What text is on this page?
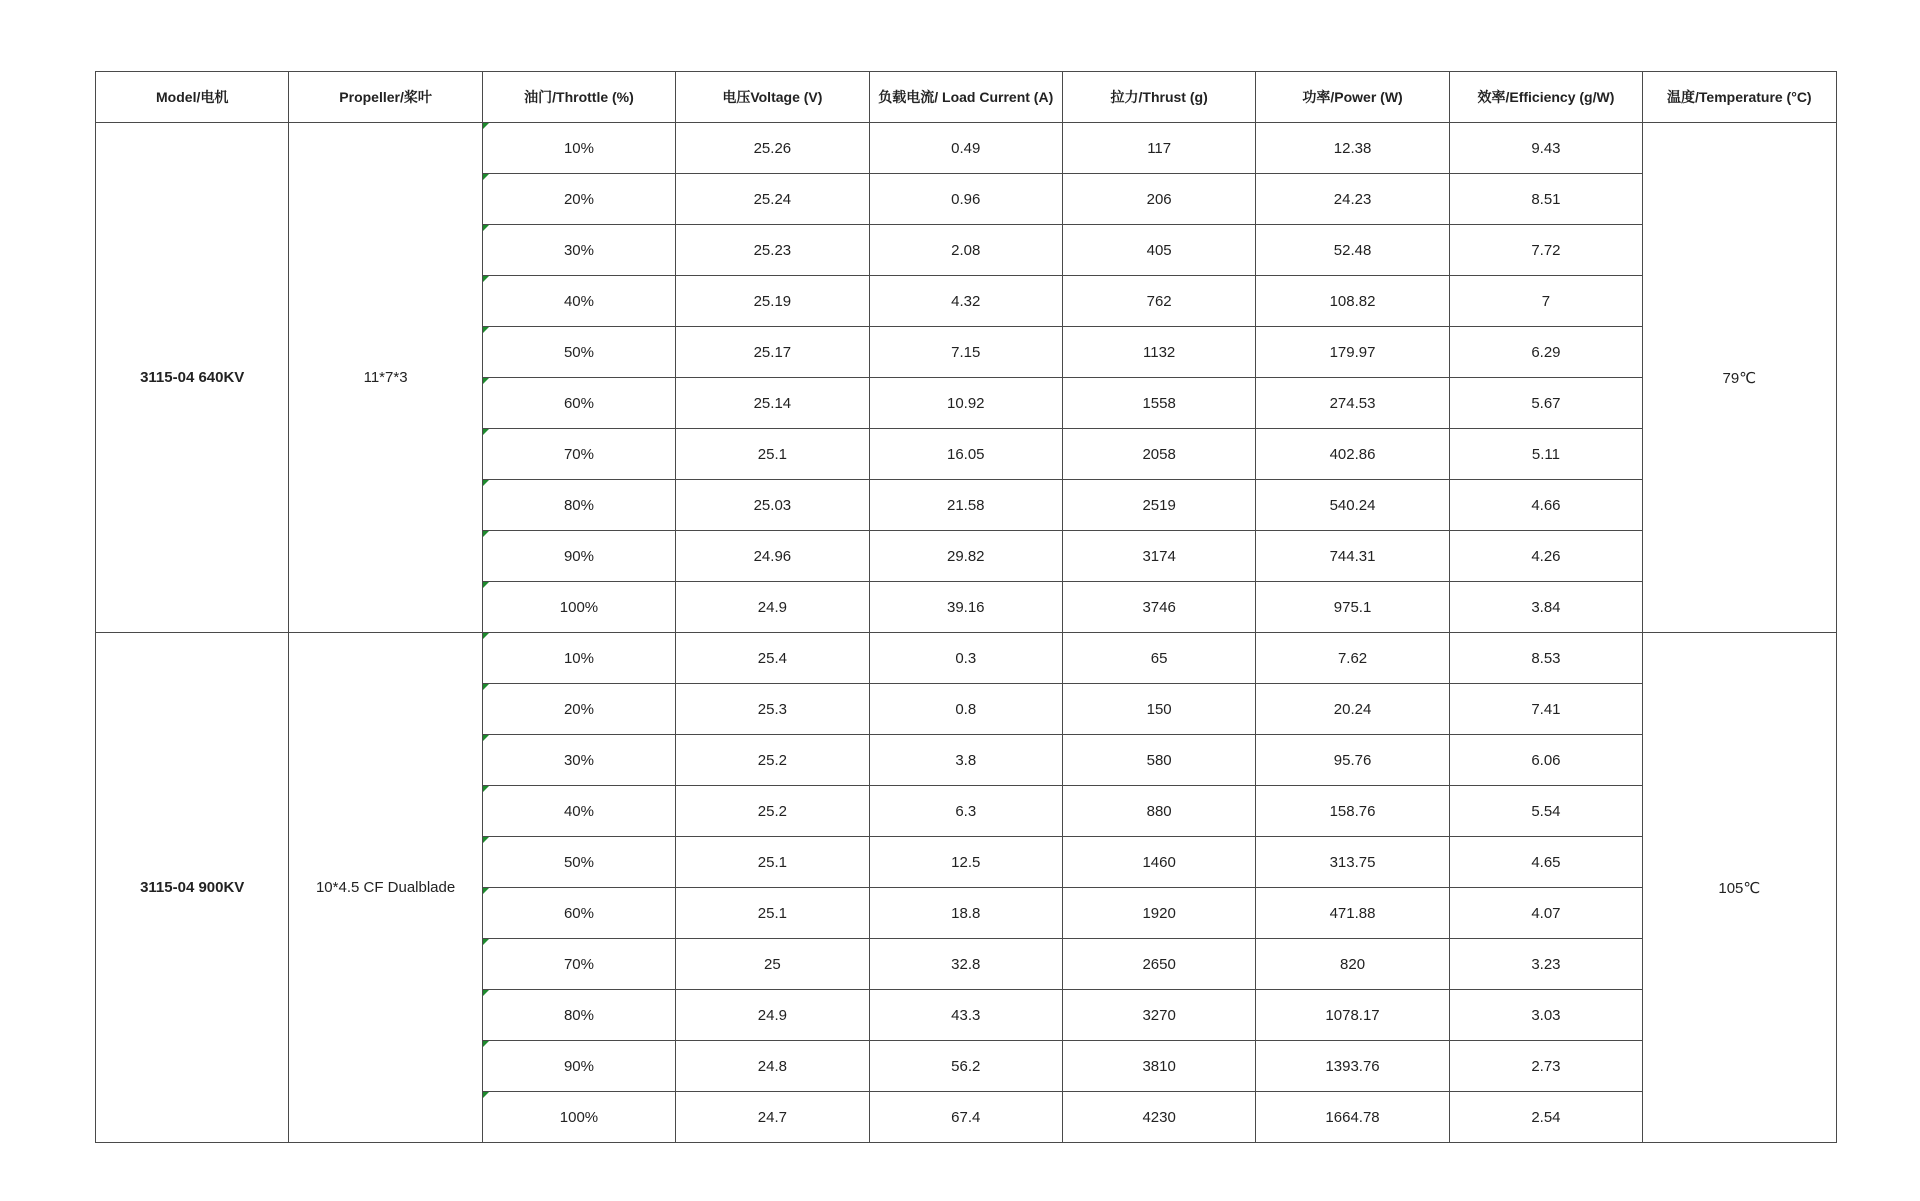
Model/电机	Propeller/桨叶	油门/Throttle (%)	电压Voltage (V)	负载电流/ Load Current (A)	拉力/Thrust (g)	功率/Power (W)	效率/Efficiency (g/W)	温度/Temperature (°C)
3115-04 640KV	11*7*3	10%	25.26	0.49	117	12.38	9.43	79℃
		20%	25.24	0.96	206	24.23	8.51	
		30%	25.23	2.08	405	52.48	7.72	
		40%	25.19	4.32	762	108.82	7	
		50%	25.17	7.15	1132	179.97	6.29	
		60%	25.14	10.92	1558	274.53	5.67	
		70%	25.1	16.05	2058	402.86	5.11	
		80%	25.03	21.58	2519	540.24	4.66	
		90%	24.96	29.82	3174	744.31	4.26	
		100%	24.9	39.16	3746	975.1	3.84	
3115-04 900KV	10*4.5 CF Dualblade	10%	25.4	0.3	65	7.62	8.53	105℃
		20%	25.3	0.8	150	20.24	7.41	
		30%	25.2	3.8	580	95.76	6.06	
		40%	25.2	6.3	880	158.76	5.54	
		50%	25.1	12.5	1460	313.75	4.65	
		60%	25.1	18.8	1920	471.88	4.07	
		70%	25	32.8	2650	820	3.23	
		80%	24.9	43.3	3270	1078.17	3.03	
		90%	24.8	56.2	3810	1393.76	2.73	
		100%	24.7	67.4	4230	1664.78	2.54	
